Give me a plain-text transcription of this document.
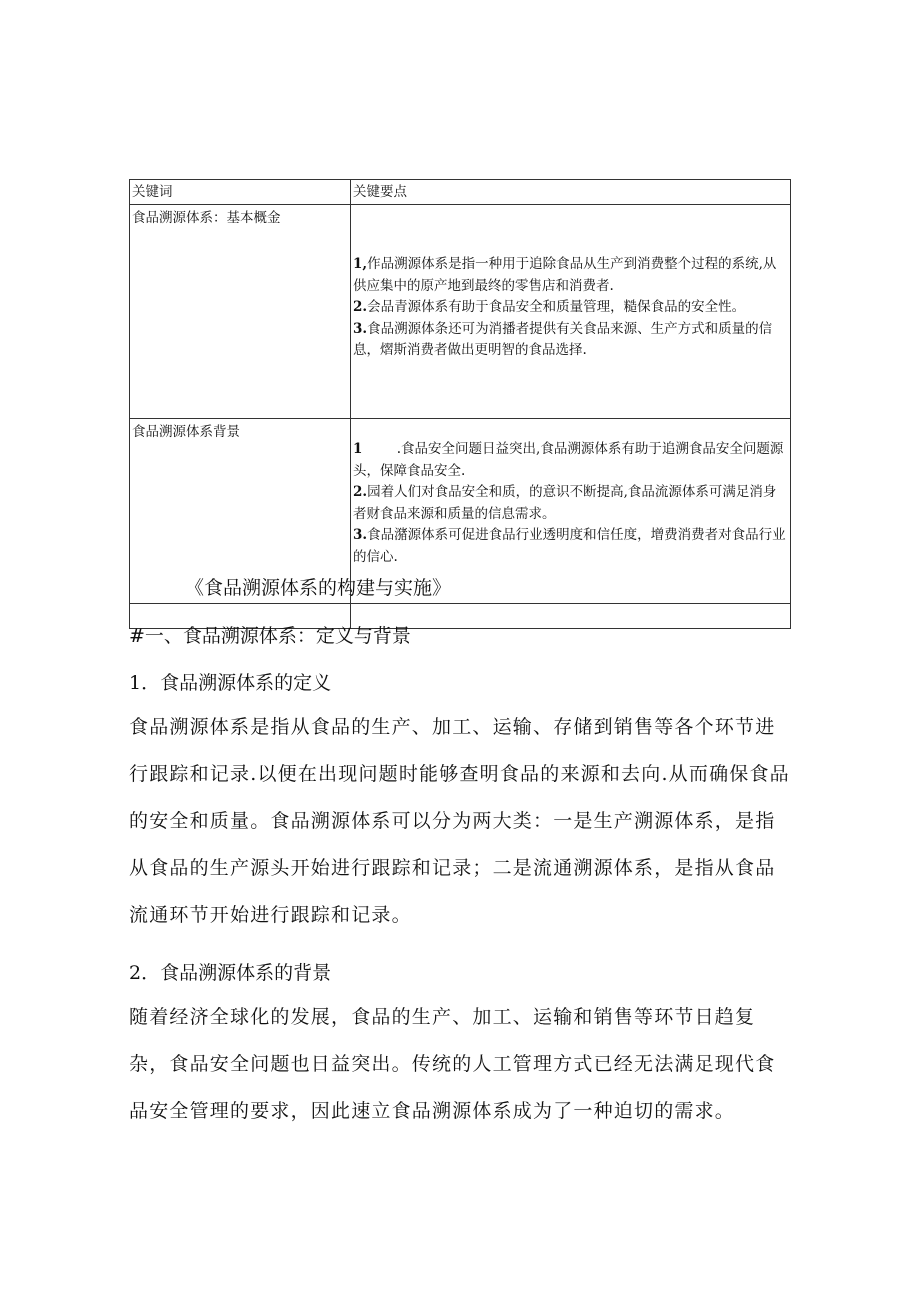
关键词	关键要点
食品溯源体系：基本概金	1,作品溯源体系是指一种用于追除食品从生产到消费整个过程的系统,从供应集中的原产地到最终的零售店和消费者.

2.会品青源体系有助于食品安全和质量管理，糙保食品的安全性。

3.食品溯源体条还可为消播者提供有关食品来源、生产方式和质量的信息，熠斯消费者做出更明智的食品选择.

食品溯源体系背景	1        .食品安全问题日益突出,食品溯源体系有助于追溯食品安全问题源头，保障食品安全.

2.园着人们对食品安全和质，的意识不断提高,食品流源体系可满足消身者财食品来源和质量的信息需求。

3.食品潴源体系可促进食品行业透明度和信任度，增费消费者对食品行业的信心.

《食品溯源体系的构建与实施》
#一、食品溯源体系：定义与背景
1．食品溯源体系的定义

食品溯源体系是指从食品的生产、加工、运输、存储到销售等各个环节进行跟踪和记录.以便在出现问题时能够查明食品的来源和去向.从而确保食品的安全和质量。食品溯源体系可以分为两大类：一是生产溯源体系，是指从食品的生产源头开始进行跟踪和记录；二是流通溯源体系，是指从食品流通环节开始进行跟踪和记录。

2．食品溯源体系的背景

随着经济全球化的发展，食品的生产、加工、运输和销售等环节日趋复杂，食品安全问题也日益突出。传统的人工管理方式已经无法满足现代食品安全管理的要求，因此速立食品溯源体系成为了一种迫切的需求。
